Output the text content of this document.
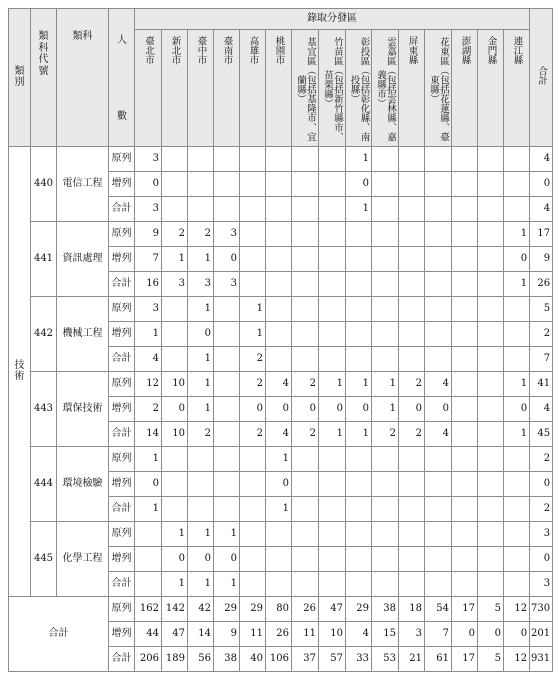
類別	類科代號	類科	人
數	錄取分發區															合計
				臺北市	新北市	臺中市	臺南市	高雄市	桃園市	基宜區（包括基隆市、宜蘭縣）	竹苗區（包括新竹縣市、苗栗縣）	彰投區（包括彰化縣、南投縣）	雲嘉區（包括雲林縣、嘉義縣市）	屏東縣	花東區（包括花蓮縣、臺東縣）	澎湖縣	金門縣	連江縣	
技術	440	電信工程	原列	3								1							4
			增列	0								0							0
			合計	3								1							4
	441	資訊處理	原列	9	2	2	3											1	17
			增列	7	1	1	0											0	9
			合計	16	3	3	3											1	26
	442	機械工程	原列	3		1		1											5
			增列	1		0		1											2
			合計	4		1		2											7
	443	環保技術	原列	12	10	1		2	4	2	1	1	1	2	4			1	41
			增列	2	0	1		0	0	0	0	0	1	0	0			0	4
			合計	14	10	2		2	4	2	1	1	2	2	4			1	45
	444	環境檢驗	原列	1					1										2
			增列	0					0										0
			合計	1					1										2
	445	化學工程	原列		1	1	1												3
			增列		0	0	0												0
			合計		1	1	1												3
合計			原列	162	142	42	29	29	80	26	47	29	38	18	54	17	5	12	730
			增列	44	47	14	9	11	26	11	10	4	15	3	7	0	0	0	201
			合計	206	189	56	38	40	106	37	57	33	53	21	61	17	5	12	931
